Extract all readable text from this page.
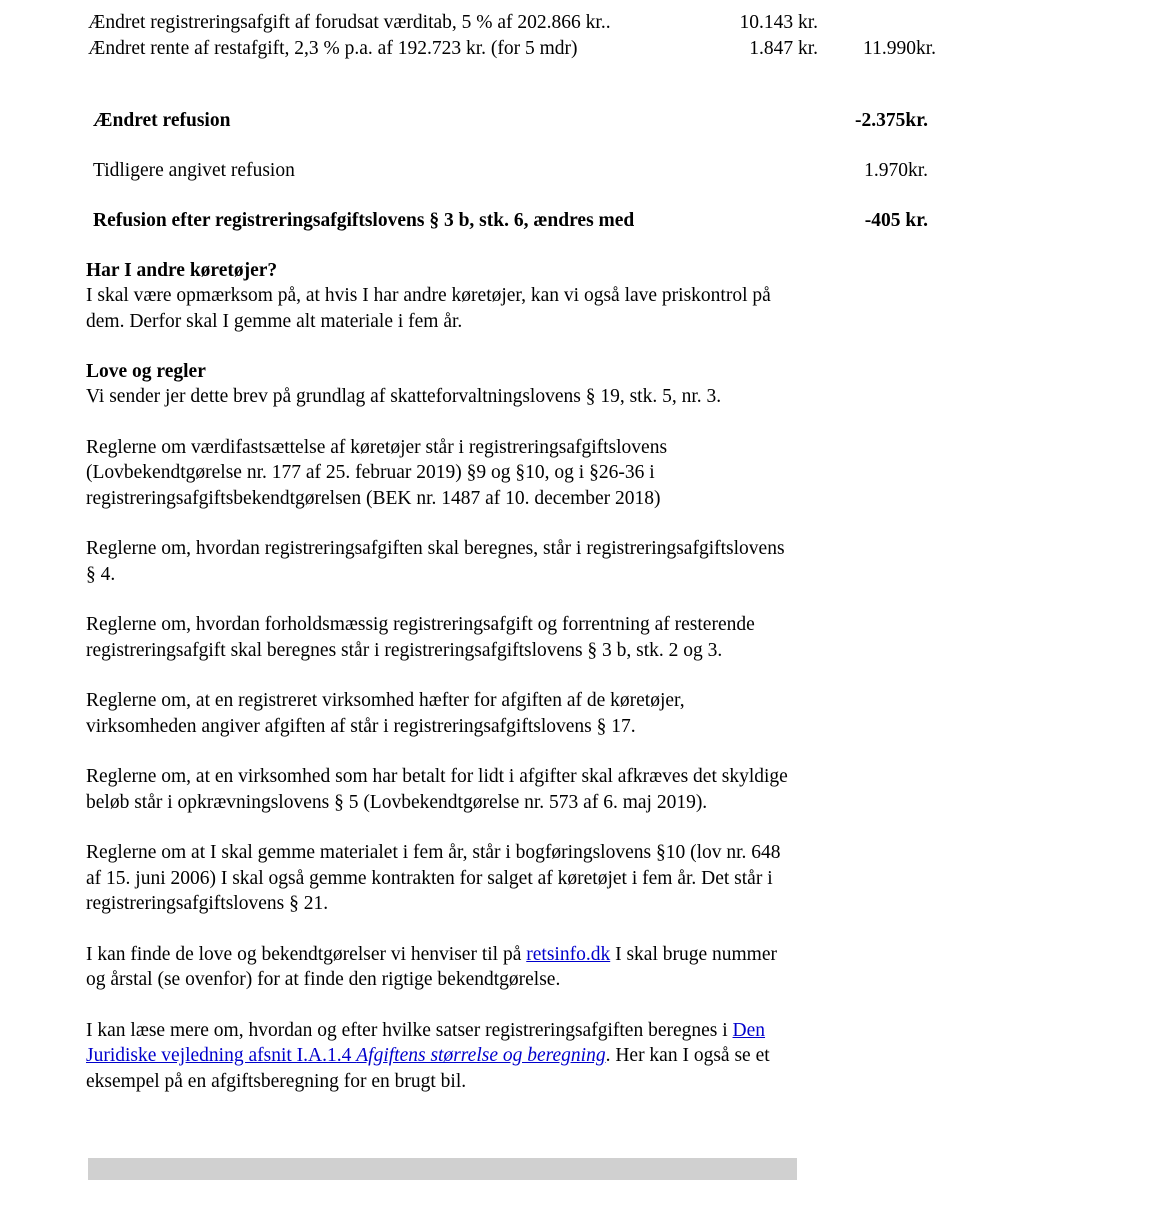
Ændret registreringsafgift af forudsat værditab, 5 % af 202.866 kr..	10.143 kr.
Ændret rente af restafgift, 2,3 % p.a. af 192.723 kr. (for 5 mdr)	1.847 kr.	11.990kr.
Ændret refusion	-2.375kr.
Tidligere angivet refusion	1.970kr.
Refusion efter registreringsafgiftslovens § 3 b, stk. 6, ændres med	-405 kr.
Har I andre køretøjer?

I skal være opmærksom på, at hvis I har andre køretøjer, kan vi også lave priskontrol på dem. Derfor skal I gemme alt materiale i fem år.

Love og regler

Vi sender jer dette brev på grundlag af skatteforvaltningslovens § 19, stk. 5, nr. 3.

Reglerne om værdifastsættelse af køretøjer står i registreringsafgiftslovens (Lovbekendtgørelse nr. 177 af 25. februar 2019) §9 og §10, og i §26-36 i registreringsafgiftsbekendtgørelsen (BEK nr. 1487 af 10. december 2018)

Reglerne om, hvordan registreringsafgiften skal beregnes, står i registreringsafgiftslovens § 4.

Reglerne om, hvordan forholdsmæssig registreringsafgift og forrentning af resterende registreringsafgift skal beregnes står i registreringsafgiftslovens § 3 b, stk. 2 og 3.

Reglerne om, at en registreret virksomhed hæfter for afgiften af de køretøjer, virksomheden angiver afgiften af står i registreringsafgiftslovens § 17.

Reglerne om, at en virksomhed som har betalt for lidt i afgifter skal afkræves det skyldige beløb står i opkrævningslovens § 5 (Lovbekendtgørelse nr. 573 af 6. maj 2019).

Reglerne om at I skal gemme materialet i fem år, står i bogføringslovens §10 (lov nr. 648 af 15. juni 2006) I skal også gemme kontrakten for salget af køretøjet i fem år. Det står i registreringsafgiftslovens § 21.

I kan finde de love og bekendtgørelser vi henviser til på retsinfo.dk I skal bruge nummer og årstal (se ovenfor) for at finde den rigtige bekendtgørelse.

I kan læse mere om, hvordan og efter hvilke satser registreringsafgiften beregnes i Den Juridiske vejledning afsnit I.A.1.4 Afgiftens størrelse og beregning. Her kan I også se et eksempel på en afgiftsberegning for en brugt bil.
